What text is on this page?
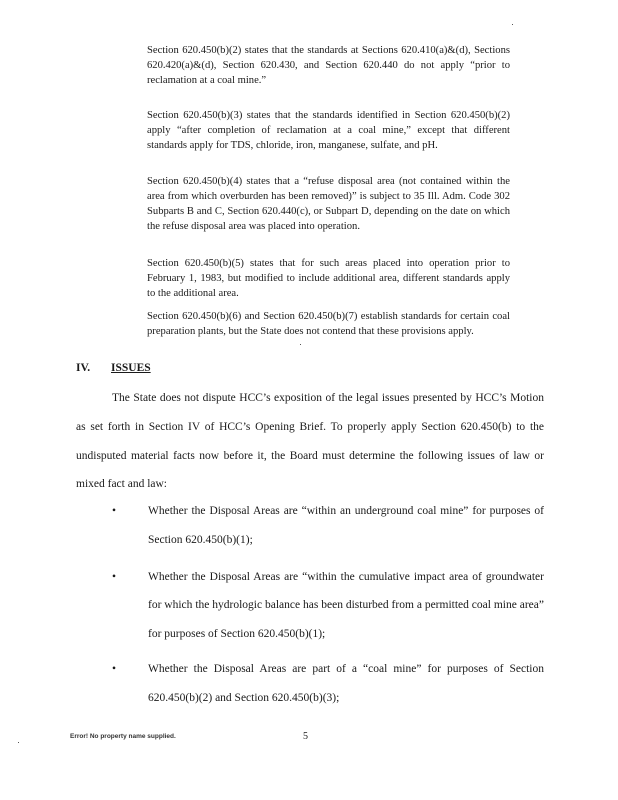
Section 620.450(b)(2) states that the standards at Sections 620.410(a)&(d), Sections 620.420(a)&(d), Section 620.430, and Section 620.440 do not apply “prior to reclamation at a coal mine.”

Section 620.450(b)(3) states that the standards identified in Section 620.450(b)(2) apply “after completion of reclamation at a coal mine,” except that different standards apply for TDS, chloride, iron, manganese, sulfate, and pH.

Section 620.450(b)(4) states that a “refuse disposal area (not contained within the area from which overburden has been removed)” is subject to 35 Ill. Adm. Code 302 Subparts B and C, Section 620.440(c), or Subpart D, depending on the date on which the refuse disposal area was placed into operation.

Section 620.450(b)(5) states that for such areas placed into operation prior to February 1, 1983, but modified to include additional area, different standards apply to the additional area.

Section 620.450(b)(6) and Section 620.450(b)(7) establish standards for certain coal preparation plants, but the State does not contend that these provisions apply.

IV.	ISSUES

The State does not dispute HCC’s exposition of the legal issues presented by HCC’s Motion as set forth in Section IV of HCC’s Opening Brief. To properly apply Section 620.450(b) to the undisputed material facts now before it, the Board must determine the following issues of law or mixed fact and law:

•	Whether the Disposal Areas are “within an underground coal mine” for purposes of Section 620.450(b)(1);
•	Whether the Disposal Areas are “within the cumulative impact area of groundwater for which the hydrologic balance has been disturbed from a permitted coal mine area” for purposes of Section 620.450(b)(1);
•	Whether the Disposal Areas are part of a “coal mine” for purposes of Section 620.450(b)(2) and Section 620.450(b)(3);

Error! No property name supplied.	5
